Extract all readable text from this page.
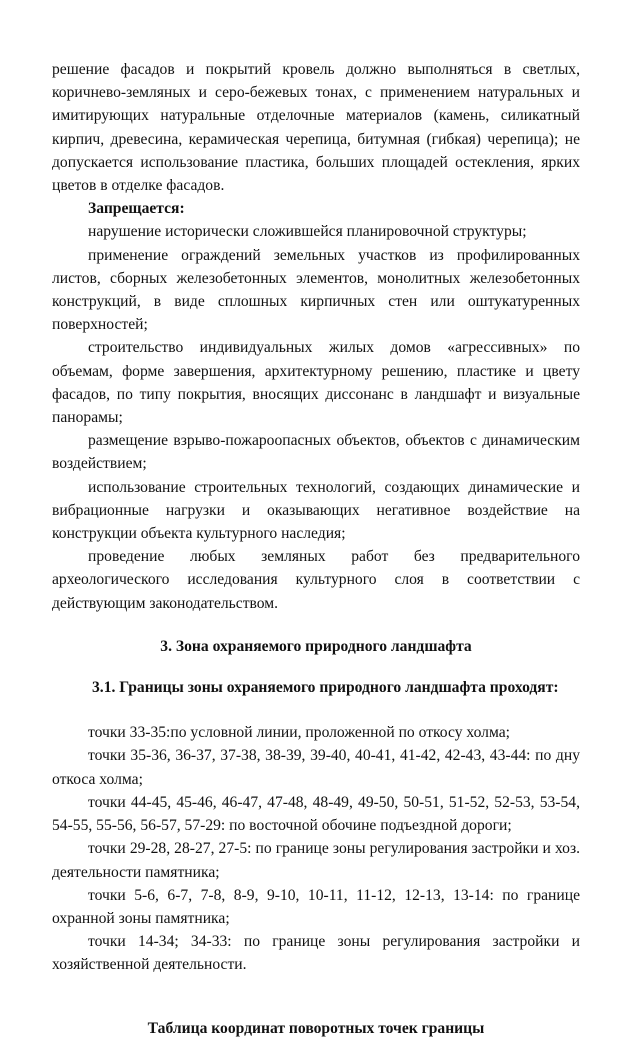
решение фасадов и покрытий кровель должно выполняться в светлых, коричнево-земляных и серо-бежевых тонах, с применением натуральных и имитирующих натуральные отделочные материалов (камень, силикатный кирпич, древесина, керамическая черепица, битумная (гибкая) черепица); не допускается использование пластика, больших площадей остекления, ярких цветов в отделке фасадов.

Запрещается:

нарушение исторически сложившейся планировочной структуры;

применение ограждений земельных участков из профилированных листов, сборных железобетонных элементов, монолитных железобетонных конструкций, в виде сплошных кирпичных стен или оштукатуренных поверхностей;

строительство индивидуальных жилых домов «агрессивных» по объемам, форме завершения, архитектурному решению, пластике и цвету фасадов, по типу покрытия, вносящих диссонанс в ландшафт и визуальные панорамы;

размещение взрыво-пожароопасных объектов, объектов с динамическим воздействием;

использование строительных технологий, создающих динамические и вибрационные нагрузки и оказывающих негативное воздействие на конструкции объекта культурного наследия;

проведение любых земляных работ без предварительного археологического исследования культурного слоя в соответствии с действующим законодательством.

3. Зона охраняемого природного ландшафта

3.1. Границы зоны охраняемого природного ландшафта проходят:

точки 33-35:по условной линии, проложенной по откосу холма;

точки 35-36, 36-37, 37-38, 38-39, 39-40, 40-41, 41-42, 42-43, 43-44: по дну откоса холма;

точки 44-45, 45-46, 46-47, 47-48, 48-49, 49-50, 50-51, 51-52, 52-53, 53-54, 54-55, 55-56, 56-57, 57-29: по восточной обочине подъездной дороги;

точки 29-28, 28-27, 27-5: по границе зоны регулирования застройки и хоз. деятельности памятника;

точки 5-6, 6-7, 7-8, 8-9, 9-10, 10-11, 11-12, 12-13, 13-14: по границе охранной зоны памятника;

точки 14-34; 34-33: по границе зоны регулирования застройки и хозяйственной деятельности.

Таблица координат поворотных точек границы
